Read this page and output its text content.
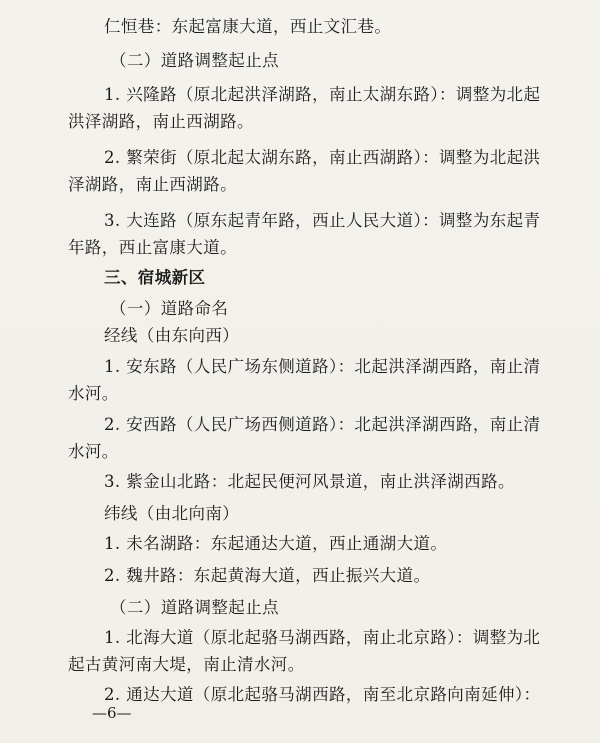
仁恒巷：东起富康大道，西止文汇巷。
（二）道路调整起止点
1. 兴隆路（原北起洪泽湖路，南止太湖东路）：调整为北起
洪泽湖路，南止西湖路。
2. 繁荣街（原北起太湖东路，南止西湖路）：调整为北起洪
泽湖路，南止西湖路。
3. 大连路（原东起青年路，西止人民大道）：调整为东起青
年路，西止富康大道。
三、宿城新区
（一）道路命名
经线（由东向西）
1. 安东路（人民广场东侧道路）：北起洪泽湖西路，南止清
水河。
2. 安西路（人民广场西侧道路）：北起洪泽湖西路，南止清
水河。
3. 紫金山北路：北起民便河风景道，南止洪泽湖西路。
纬线（由北向南）
1. 未名湖路：东起通达大道，西止通湖大道。
2. 魏井路：东起黄海大道，西止振兴大道。
（二）道路调整起止点
1. 北海大道（原北起骆马湖西路，南止北京路）：调整为北
起古黄河南大堤，南止清水河。
2. 通达大道（原北起骆马湖西路，南至北京路向南延伸）：
—6—
